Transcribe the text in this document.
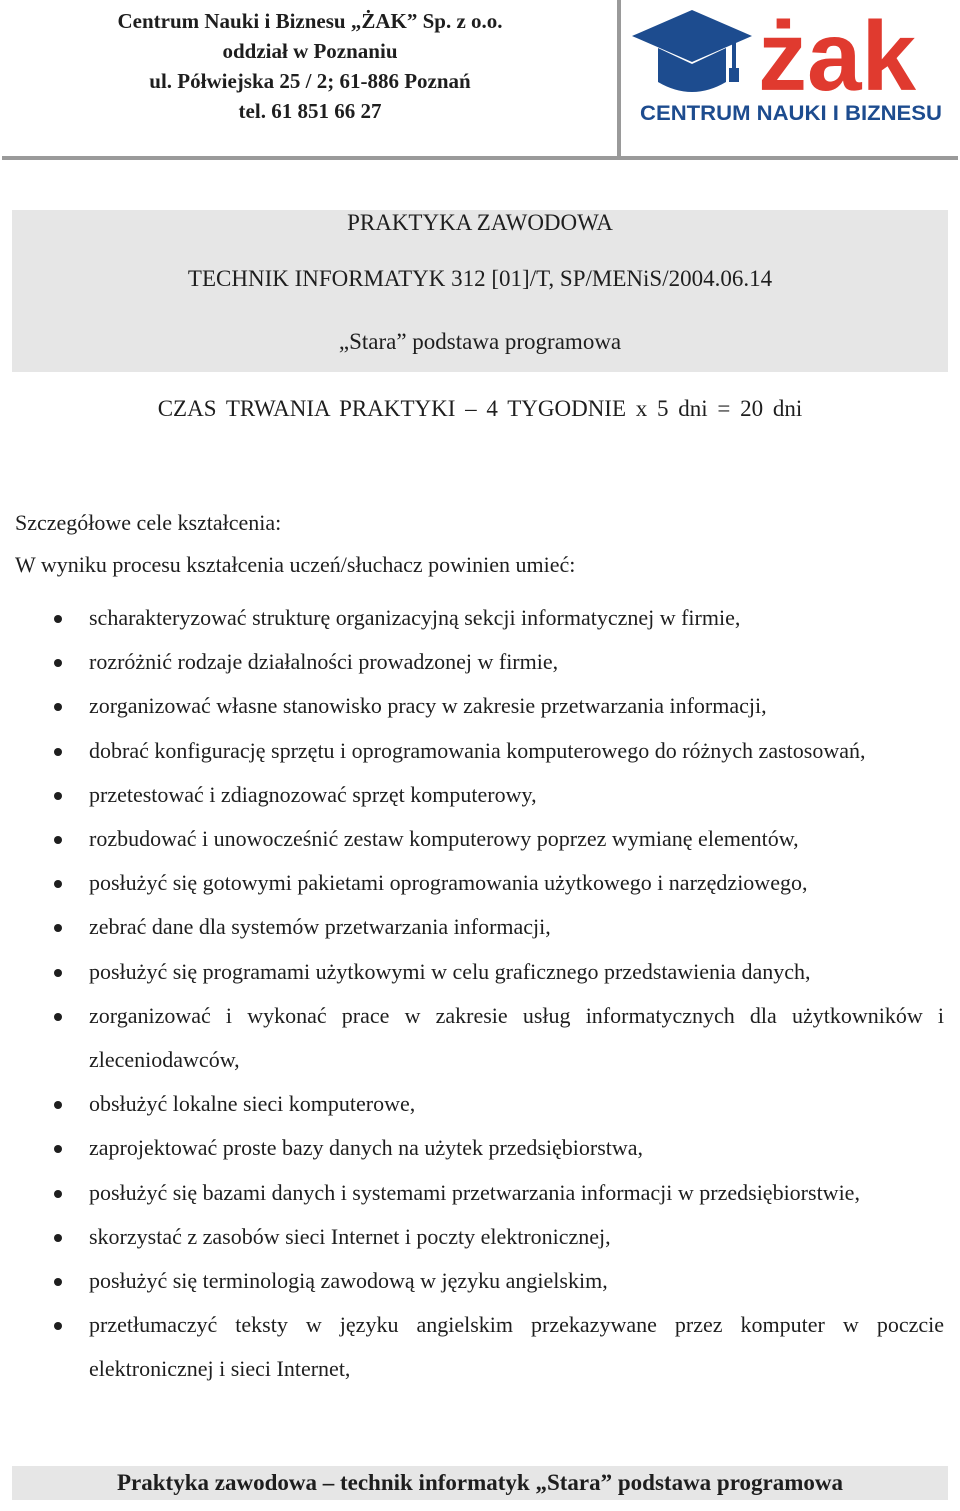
Centrum Nauki i Biznesu „ŻAK” Sp. z o.o.
oddział w Poznaniu
ul. Półwiejska 25 / 2; 61-886 Poznań
tel. 61 851 66 27	żak
CENTRUM NAUKI I BIZNESU
PRAKTYKA ZAWODOWA
TECHNIK INFORMATYK 312 [01]/T, SP/MENiS/2004.06.14
„Stara” podstawa programowa
CZAS TRWANIA PRAKTYKI – 4 TYGODNIE x 5 dni = 20 dni
Szczegółowe cele kształcenia:
W wyniku procesu kształcenia uczeń/słuchacz powinien umieć:
scharakteryzować strukturę organizacyjną sekcji informatycznej w firmie,
rozróżnić rodzaje działalności prowadzonej w firmie,
zorganizować własne stanowisko pracy w zakresie przetwarzania informacji,
dobrać konfigurację sprzętu i oprogramowania komputerowego do różnych zastosowań,
przetestować i zdiagnozować sprzęt komputerowy,
rozbudować i unowocześnić zestaw komputerowy poprzez wymianę elementów,
posłużyć się gotowymi pakietami oprogramowania użytkowego i narzędziowego,
zebrać dane dla systemów przetwarzania informacji,
posłużyć się programami użytkowymi w celu graficznego przedstawienia danych,
zorganizować i wykonać prace w zakresie usług informatycznych dla użytkowników i zleceniodawców,
obsłużyć lokalne sieci komputerowe,
zaprojektować proste bazy danych na użytek przedsiębiorstwa,
posłużyć się bazami danych i systemami przetwarzania informacji w przedsiębiorstwie,
skorzystać z zasobów sieci Internet i poczty elektronicznej,
posłużyć się terminologią zawodową w języku angielskim,
przetłumaczyć teksty w języku angielskim przekazywane przez komputer w poczcie elektronicznej i sieci Internet,
Praktyka zawodowa – technik informatyk „Stara” podstawa programowa
